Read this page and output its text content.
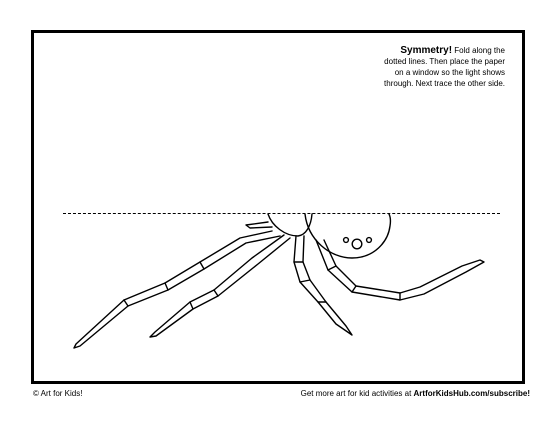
Symmetry! Fold along the
dotted lines. Then place the paper
on a window so the light shows
through. Next trace the other side.
© Art for Kids!	Get more art for kid activities at ArtforKidsHub.com/subscribe!
